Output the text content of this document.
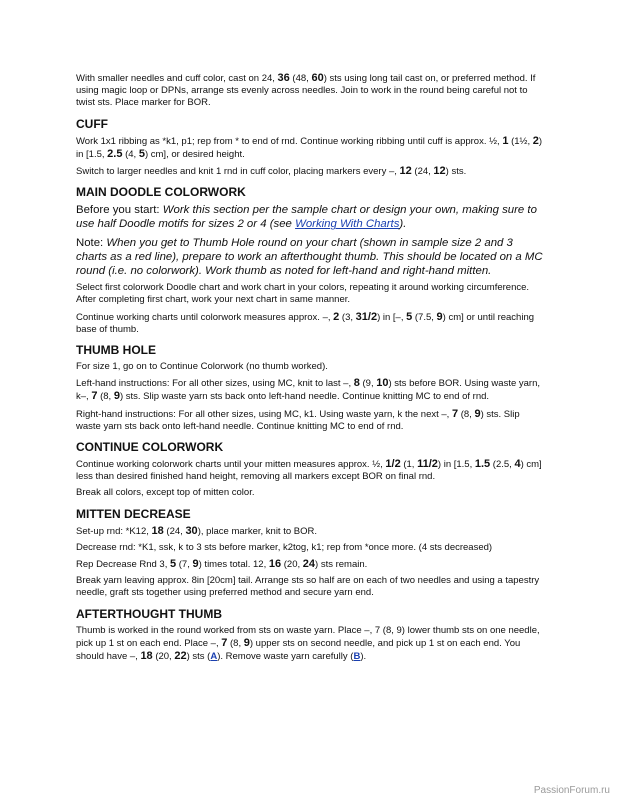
With smaller needles and cuff color, cast on 24, 36 (48, 60) sts using long tail cast on, or preferred method. If using magic loop or DPNs, arrange sts evenly across needles. Join to work in the round being careful not to twist sts. Place marker for BOR.

CUFF

Work 1x1 ribbing as *k1, p1; rep from * to end of rnd. Continue working ribbing until cuff is approx. ½, 1 (1½, 2) in [1.5, 2.5 (4, 5) cm], or desired height.

Switch to larger needles and knit 1 rnd in cuff color, placing markers every –, 12 (24, 12) sts.

MAIN DOODLE COLORWORK

Before you start: Work this section per the sample chart or design your own, making sure to use half Doodle motifs for sizes 2 or 4 (see Working With Charts).

Note: When you get to Thumb Hole round on your chart (shown in sample size 2 and 3 charts as a red line), prepare to work an afterthought thumb. This should be located on a MC round (i.e. no colorwork). Work thumb as noted for left-hand and right-hand mitten.

Select first colorwork Doodle chart and work chart in your colors, repeating it around working circumference. After completing first chart, work your next chart in same manner.

Continue working charts until colorwork measures approx. –, 2 (3, 31/2) in [–, 5 (7.5, 9) cm] or until reaching base of thumb.

THUMB HOLE

For size 1, go on to Continue Colorwork (no thumb worked).

Left-hand instructions: For all other sizes, using MC, knit to last –, 8 (9, 10) sts before BOR. Using waste yarn, k–, 7 (8, 9) sts. Slip waste yarn sts back onto left-hand needle. Continue knitting MC to end of rnd.

Right-hand instructions: For all other sizes, using MC, k1. Using waste yarn, k the next –, 7 (8, 9) sts. Slip waste yarn sts back onto left-hand needle. Continue knitting MC to end of rnd.

CONTINUE COLORWORK

Continue working colorwork charts until your mitten measures approx. ½, 1/2 (1, 11/2) in [1.5, 1.5 (2.5, 4) cm] less than desired finished hand height, removing all markers except BOR on final rnd.

Break all colors, except top of mitten color.

MITTEN DECREASE

Set-up rnd: *K12, 18 (24, 30), place marker, knit to BOR.

Decrease rnd: *K1, ssk, k to 3 sts before marker, k2tog, k1; rep from *once more. (4 sts decreased)

Rep Decrease Rnd 3, 5 (7, 9) times total. 12, 16 (20, 24) sts remain.

Break yarn leaving approx. 8in [20cm] tail. Arrange sts so half are on each of two needles and using a tapestry needle, graft sts together using preferred method and secure yarn end.

AFTERTHOUGHT THUMB

Thumb is worked in the round worked from sts on waste yarn. Place –, 7 (8, 9) lower thumb sts on one needle, pick up 1 st on each end. Place –, 7 (8, 9) upper sts on second needle, and pick up 1 st on each end. You should have –, 18 (20, 22) sts (A). Remove waste yarn carefully (B).

PassionForum.ru
